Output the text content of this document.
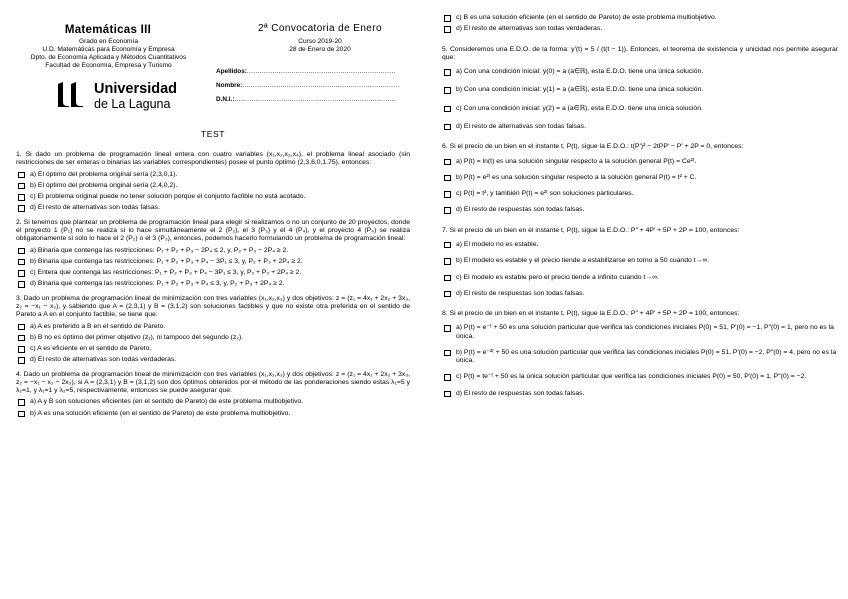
Matemáticas III
Grado en Economía
U.D. Matemáticas para Economía y Empresa
Dpto. de Economía Aplicada y Métodos Cuantitativos
Facultad de Economía, Empresa y Turismo
Universidad
de La Laguna
2ª Convocatoria de Enero
Curso 2019-20
28 de Enero de 2020
Apellidos:......................................................................
Nombre:..........................................................................
D.N.I.:............................................................................
TEST
1. Si dado un problema de programación lineal entera con cuatro variables (x₁,x₂,x₃,x₄), el problema lineal asociado (sin restricciones de ser enteras o binarias las variables correspondientes) posee el punto óptimo (2,3,6,0,1.75), entonces:
a) El óptimo del problema original sería (2,3,0,1).
b) El óptimo del problema original sería (2,4,0,2).
c) El problema original puede no tener solución porque el conjunto factible no está acotado.
d) El resto de alternativas son todas falsas.
2. Si tenemos que plantear un problema de programación lineal para elegir si realizamos o no un conjunto de 20 proyectos, donde el proyecto 1 (P₁) no se realiza si lo hace simultáneamente el 2 (P₂), el 3 (P₃) y el 4 (P₄), y el proyecto 4 (P₄) se realiza obligatoriamente si solo lo hace el 2 (P₂) o el 3 (P₃), entonces, podemos hacerlo formulando un problema de programación lineal:
a) Binaria que contenga las restricciones: P₁ + P₂ + P₃ − 2P₄ ≤ 2, y, P₂ + P₃ − 2P₄ ≥ 2.
b) Binaria que contenga las restricciones: P₁ + P₂ + P₃ + P₄ − 3P₁ ≤ 3, y, P₂ + P₃ + 2P₄ ≥ 2.
c) Entera que contenga las restricciones: P₁ + P₂ + P₃ + P₄ − 3P₁ ≤ 3, y, P₂ + P₃ + 2P₄ ≥ 2.
d) Binaria que contenga las restricciones: P₁ + P₂ + P₃ + P₄ ≤ 3, y, P₂ + P₃ + 2P₄ ≥ 2.
3. Dado un problema de programación lineal de minimización con tres variables (x₁,x₂,x₃) y dos objetivos: z = (z₁ = 4x₁ + 2x₂ + 3x₃, z₂ = −x₁ − x₂), y sabiendo que A = (2,3,1) y B = (3,1,2) son soluciones factibles y que no existe otra preferida en el sentido de Pareto a A en el conjunto factible, se tiene que:
a) A es preferido a B en el sentido de Pareto.
b) B no es óptimo del primer objetivo (z₁), ni tampoco del segundo (z₂).
c) A es eficiente en el sentido de Pareto.
d) El resto de alternativas son todas verdaderas.
4. Dado un problema de programación lineal de minimización con tres variables (x₁,x₂,x₃) y dos objetivos: z = (z₁ = 4x₁ + 2x₂ + 3x₃, z₂ = −x₁ − x₂ − 2x₃), si A = (2,3,1) y B = (3,1,2) son dos óptimos obtenidos por el método de las ponderaciones siendo estas λ₁=5 y λ₂=1, y λ₁=1 y λ₂=5, respectivamente, entonces se puede asegurar que:
a) A y B son soluciones eficientes (en el sentido de Pareto) de este problema multiobjetivo.
b) A es una solución eficiente (en el sentido de Pareto) de este problema multiobjetivo.
c) B es una solución eficiente (en el sentido de Pareto) de este problema multiobjetivo.
d) El resto de alternativas son todas verdaderas.
5. Consideremos una E.D.O. de la forma: y′(t) = 5 / (t(t − 1)). Entonces, el teorema de existencia y unicidad nos permite asegurar que:
a) Con una condición inicial: y(0) = a (a∈ℝ), esta E.D.O. tiene una única solución.
b) Con una condición inicial: y(1) = a (a∈ℝ), esta E.D.O. tiene una única solución.
c) Con una condición inicial: y(2) = a (a∈ℝ), esta E.D.O. tiene una única solución.
d) El resto de alternativas son todas falsas.
6. Si el precio de un bien en el instante t, P(t), sigue la E.D.O.: t(P′)² − 2tPP′ − P′ + 2P = 0, entonces:
a) P(t) = ln(t) es una solución singular respecto a la solución general P(t) = Ce²ᵗ.
b) P(t) = e²ᵗ es una solución singular respecto a la solución general P(t) = t² + C.
c) P(t) = t², y también P(t) = e²ᵗ son soluciones particulares.
d) El resto de respuestas son todas falsas.
7. Si el precio de un bien en el instante t, P(t), sigue la E.D.O.: P″ + 4P′ + 5P + 2P = 100, entonces:
a) El modelo no es estable.
b) El modelo es estable y el precio tiende a estabilizarse en torno a 50 cuando t→∞.
c) El modelo es estable pero el precio tiende a infinito cuando t→∞.
d) El resto de respuestas son todas falsas.
8. Si el precio de un bien en el instante t, P(t), sigue la E.D.O.: P″ + 4P′ + 5P + 2P = 100, entonces:
a) P(t) = e⁻ᵗ + 50 es una solución particular que verifica las condiciones iniciales P(0) = 51, P′(0) = −1, P″(0) = 1, pero no es la única.
b) P(t) = e⁻²ᵗ + 50 es una solución particular que verifica las condiciones iniciales P(0) = 51, P′(0) = −2, P″(0) = 4, pero no es la única.
c) P(t) = te⁻ᵗ + 50 es la única solución particular que verifica las condiciones iniciales P(0) = 50, P′(0) = 1, P″(0) = −2.
d) El resto de respuestas son todas falsas.
